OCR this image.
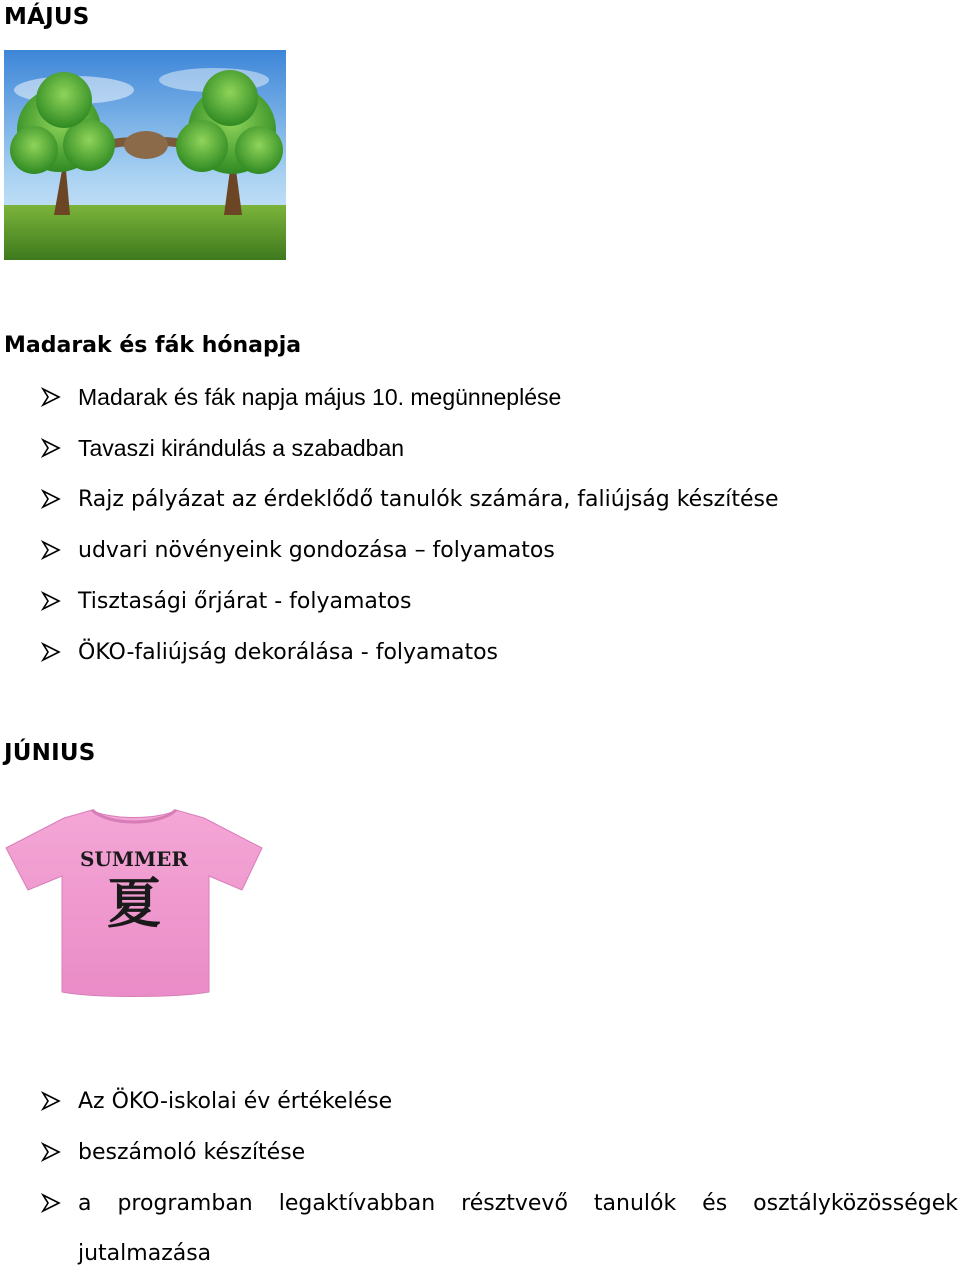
MÁJUS
Madarak és fák hónapja
Madarak és fák napja május 10. megünneplése
Tavaszi kirándulás a szabadban
Rajz pályázat az érdeklődő tanulók számára, faliújság készítése
udvari növényeink gondozása – folyamatos
Tisztasági őrjárat - folyamatos
ÖKO-faliújság dekorálása - folyamatos
JÚNIUS
SUMMER
夏
Az ÖKO-iskolai év értékelése
beszámoló készítése
a programban legaktívabban résztvevő tanulók és osztályközösségek
jutalmazása
